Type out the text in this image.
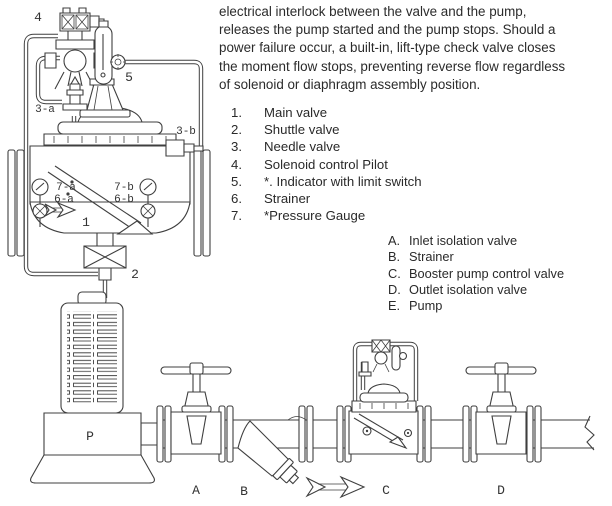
electrical interlock between the valve and the pump,
releases the pump started and the pump stops. Should a
power failure occur, a built-in, lift-type check valve closes
the moment flow stops, preventing reverse flow regardless
of solenoid or diaphragm assembly position.
1.	Main valve
2.	Shuttle valve
3.	Needle valve
4.	Solenoid control Pilot
5.	*. Indicator with limit switch
6.	Strainer
7.	*Pressure Gauge
A. Inlet isolation valve
B. Strainer
C. Booster pump control valve
D. Outlet isolation valve
E. Pump
4
5
3-a
3-b
7-a
6-a
7-b
6-b
1
2
P
A	B	C	D
